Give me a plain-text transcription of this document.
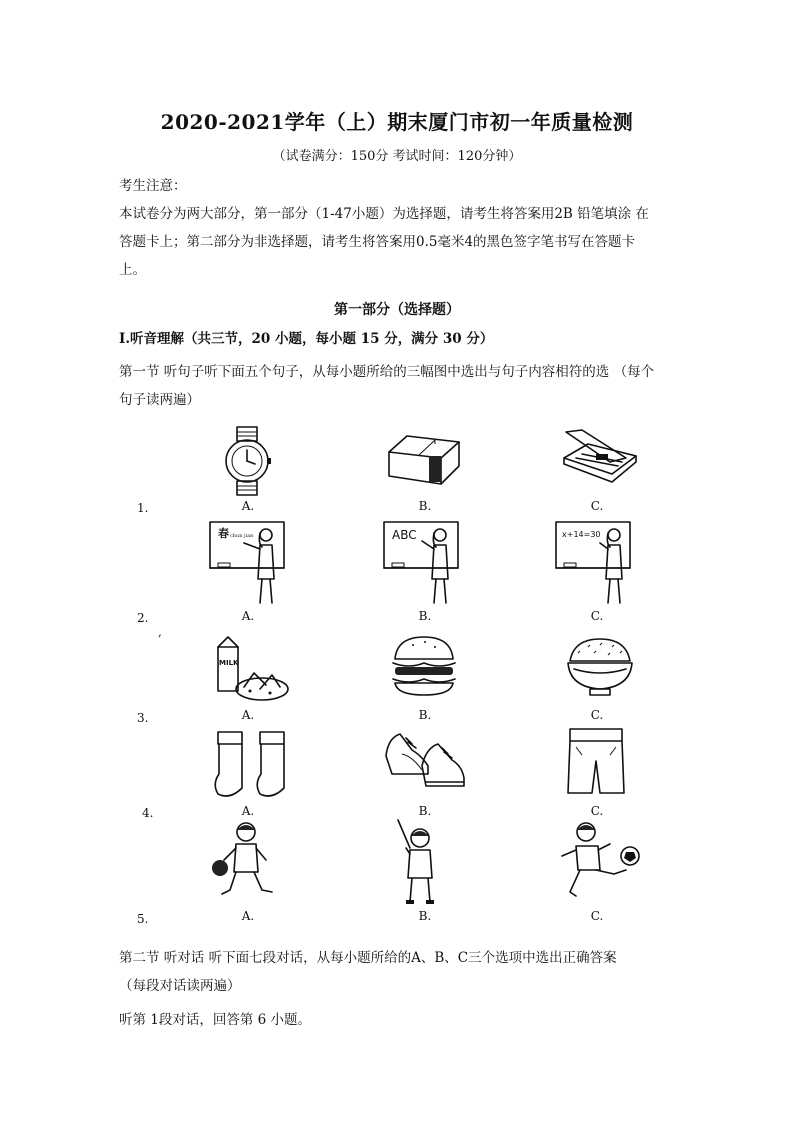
2020-2021学年（上）期末厦门市初一年质量检测
（试卷满分：150分 考试时间：120分钟）
考生注意：
本试卷分为两大部分，第一部分（1-47小题）为选择题，请考生将答案用2B 铅笔填涂 在
答题卡上；第二部分为非选择题，请考生将答案用0.5毫米4的黑色签字笔书写在答题卡
上。
第一部分（选择题）
I.听音理解（共三节，20 小题，每小题 15 分，满分 30 分）
第一节 听句子听下面五个句子，从每小题所给的三幅图中选出与句子内容相符的选 （每个
句子读两遍）
1.	A.	B.	C.
2.	A.	B.	C.
,
春 chun jian	ABC	x+14=30
3.	A.	B.	C.
MILK
4.	A.	B.	C.
5.	A.	B.	C.
第二节 听对话 听下面七段对话，从每小题所给的A、B、C三个选项中选出正确答案
（每段对话读两遍）
听第 1段对话，回答第 6 小题。
